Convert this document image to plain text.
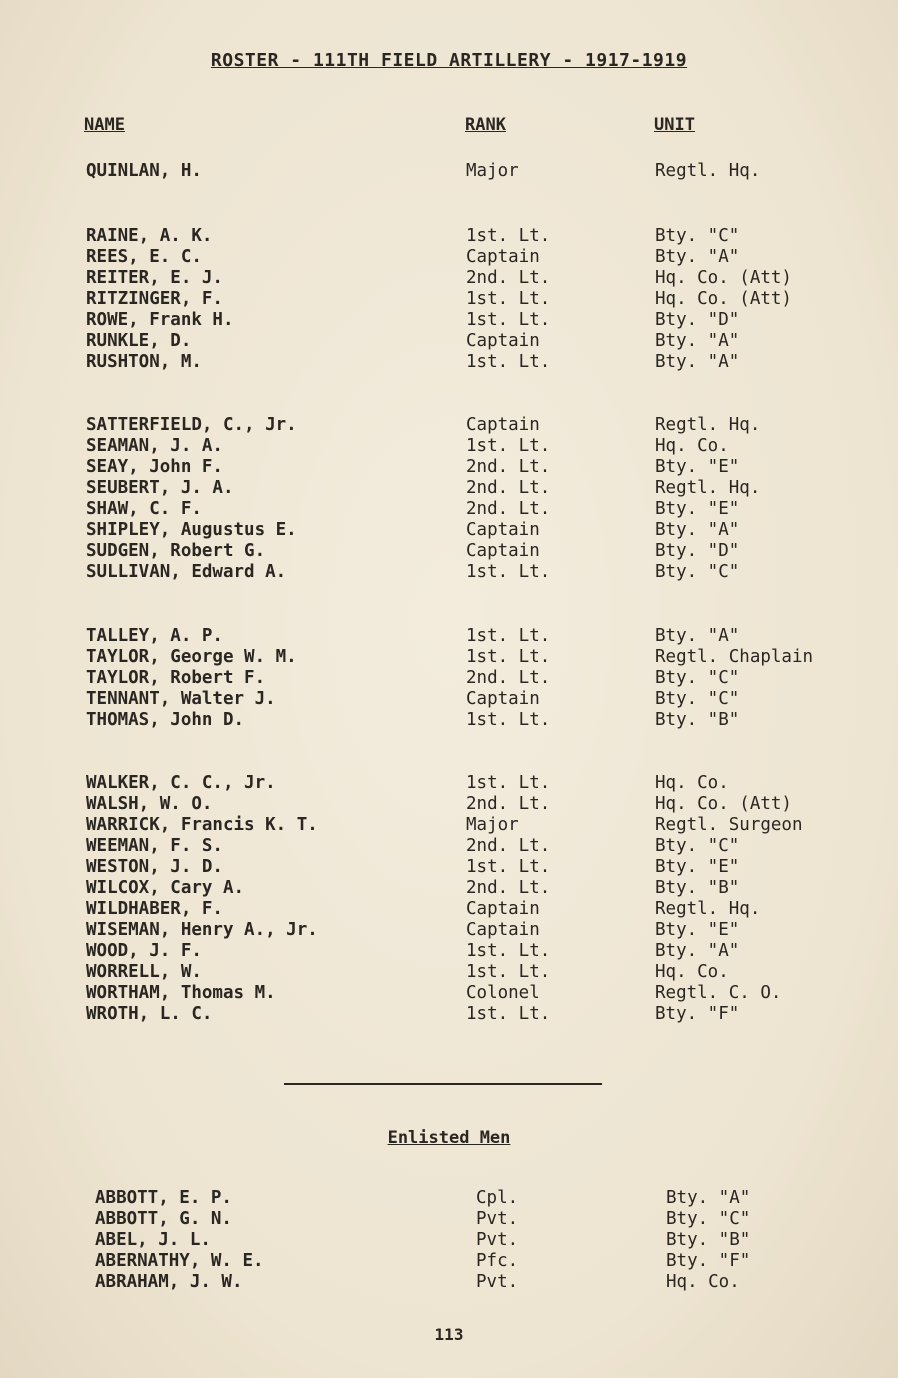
ROSTER - 111TH FIELD ARTILLERY - 1917-1919
NAME	RANK	UNIT
QUINLAN, H.	Major	Regtl. Hq.
RAINE, A. K.	1st. Lt.	Bty. "C"
REES, E. C.	Captain	Bty. "A"
REITER, E. J.	2nd. Lt.	Hq. Co. (Att)
RITZINGER, F.	1st. Lt.	Hq. Co. (Att)
ROWE, Frank H.	1st. Lt.	Bty. "D"
RUNKLE, D.	Captain	Bty. "A"
RUSHTON, M.	1st. Lt.	Bty. "A"
SATTERFIELD, C., Jr.	Captain	Regtl. Hq.
SEAMAN, J. A.	1st. Lt.	Hq. Co.
SEAY, John F.	2nd. Lt.	Bty. "E"
SEUBERT, J. A.	2nd. Lt.	Regtl. Hq.
SHAW, C. F.	2nd. Lt.	Bty. "E"
SHIPLEY, Augustus E.	Captain	Bty. "A"
SUDGEN, Robert G.	Captain	Bty. "D"
SULLIVAN, Edward A.	1st. Lt.	Bty. "C"
TALLEY, A. P.	1st. Lt.	Bty. "A"
TAYLOR, George W. M.	1st. Lt.	Regtl. Chaplain
TAYLOR, Robert F.	2nd. Lt.	Bty. "C"
TENNANT, Walter J.	Captain	Bty. "C"
THOMAS, John D.	1st. Lt.	Bty. "B"
WALKER, C. C., Jr.	1st. Lt.	Hq. Co.
WALSH, W. O.	2nd. Lt.	Hq. Co. (Att)
WARRICK, Francis K. T.	Major	Regtl. Surgeon
WEEMAN, F. S.	2nd. Lt.	Bty. "C"
WESTON, J. D.	1st. Lt.	Bty. "E"
WILCOX, Cary A.	2nd. Lt.	Bty. "B"
WILDHABER, F.	Captain	Regtl. Hq.
WISEMAN, Henry A., Jr.	Captain	Bty. "E"
WOOD, J. F.	1st. Lt.	Bty. "A"
WORRELL, W.	1st. Lt.	Hq. Co.
WORTHAM, Thomas M.	Colonel	Regtl. C. O.
WROTH, L. C.	1st. Lt.	Bty. "F"
Enlisted Men
ABBOTT, E. P.	Cpl.	Bty. "A"
ABBOTT, G. N.	Pvt.	Bty. "C"
ABEL, J. L.	Pvt.	Bty. "B"
ABERNATHY, W. E.	Pfc.	Bty. "F"
ABRAHAM, J. W.	Pvt.	Hq. Co.
113
